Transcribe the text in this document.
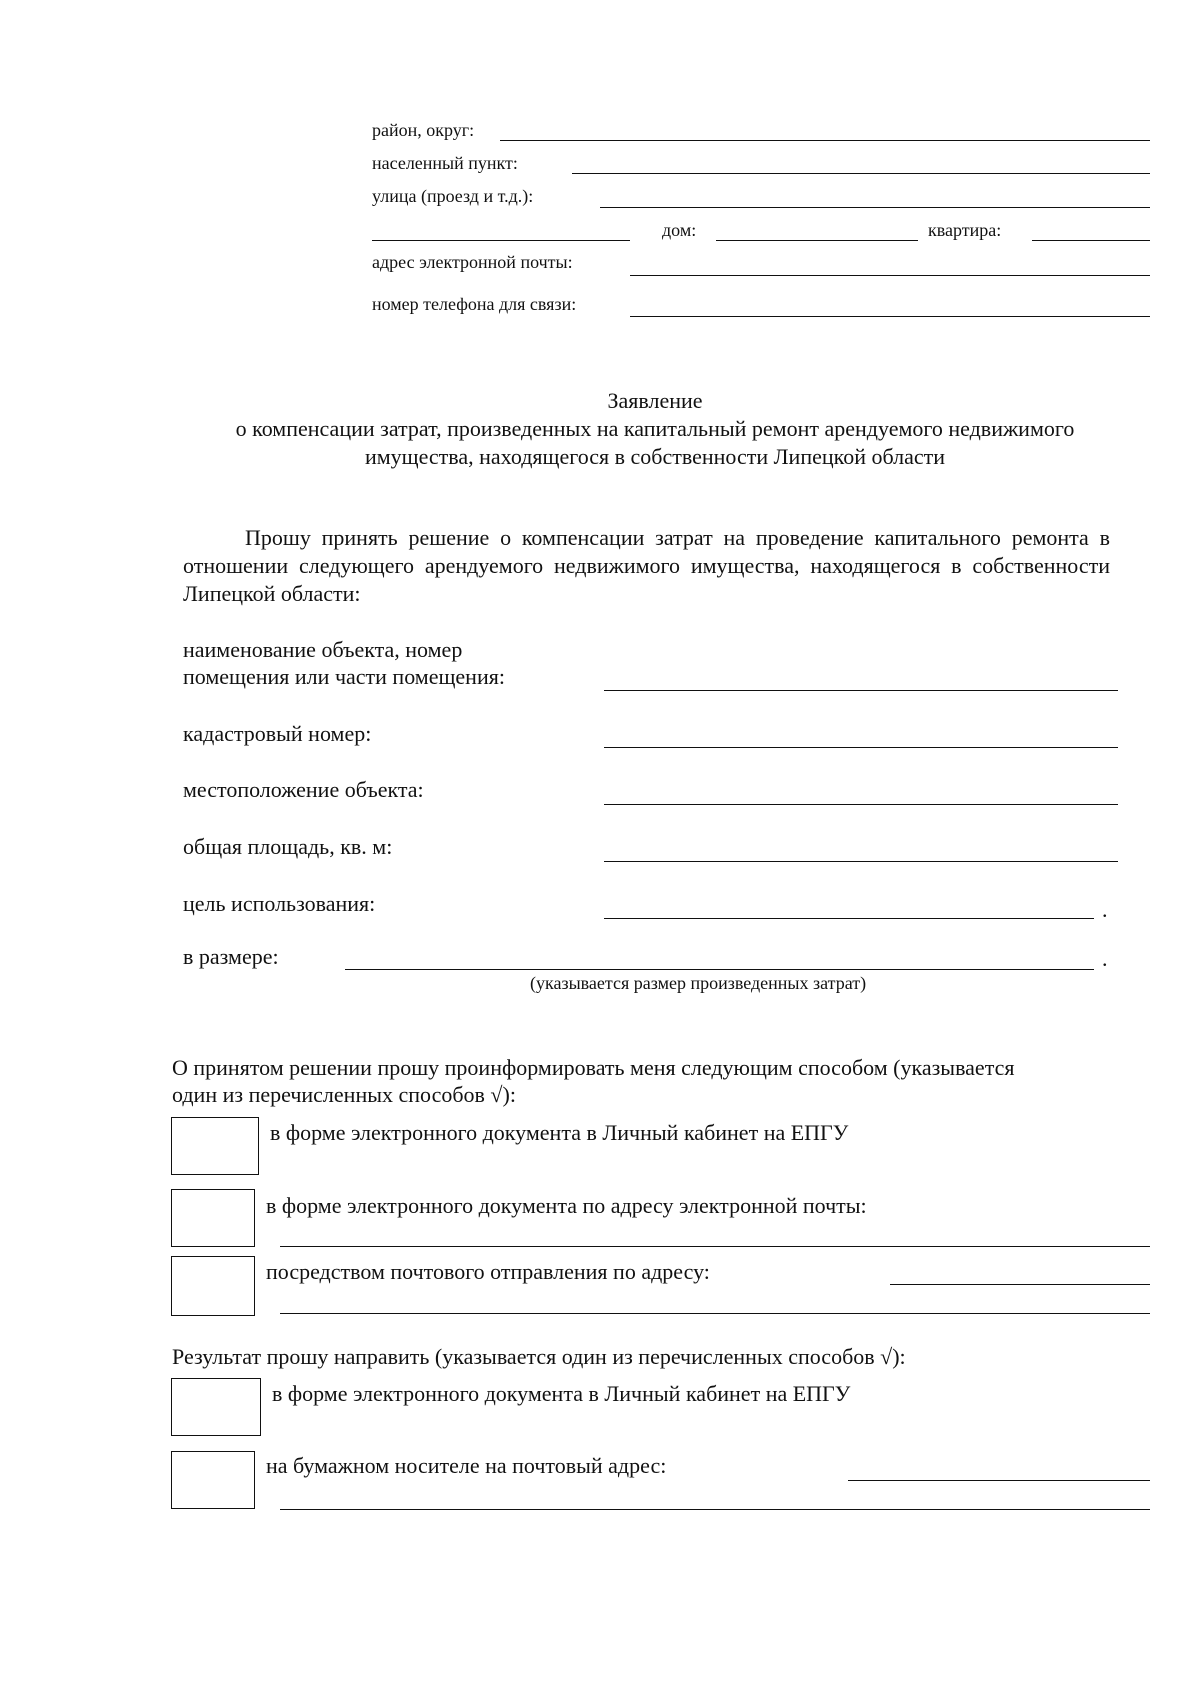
район, округ:
населенный пункт:
улица (проезд и т.д.):
дом:	квартира:
адрес электронной почты:
номер телефона для связи:
Заявление
о компенсации затрат, произведенных на капитальный ремонт арендуемого недвижимого
имущества, находящегося в собственности Липецкой области
Прошу принять решение о компенсации затрат на проведение капитального ремонта в отношении следующего арендуемого недвижимого имущества, находящегося в собственности Липецкой области:
наименование объекта, номер
помещения или части помещения:
кадастровый номер:
местоположение объекта:
общая площадь, кв. м:
цель использования:	.
в размере:	.
(указывается размер произведенных затрат)
О принятом решении прошу проинформировать меня следующим способом (указывается
один из перечисленных способов √):
в форме электронного документа в Личный кабинет на ЕПГУ
в форме электронного документа по адресу электронной почты:
посредством почтового отправления по адресу:
Результат прошу направить (указывается один из перечисленных способов √):
в форме электронного документа в Личный кабинет на ЕПГУ
на бумажном носителе на почтовый адрес:
